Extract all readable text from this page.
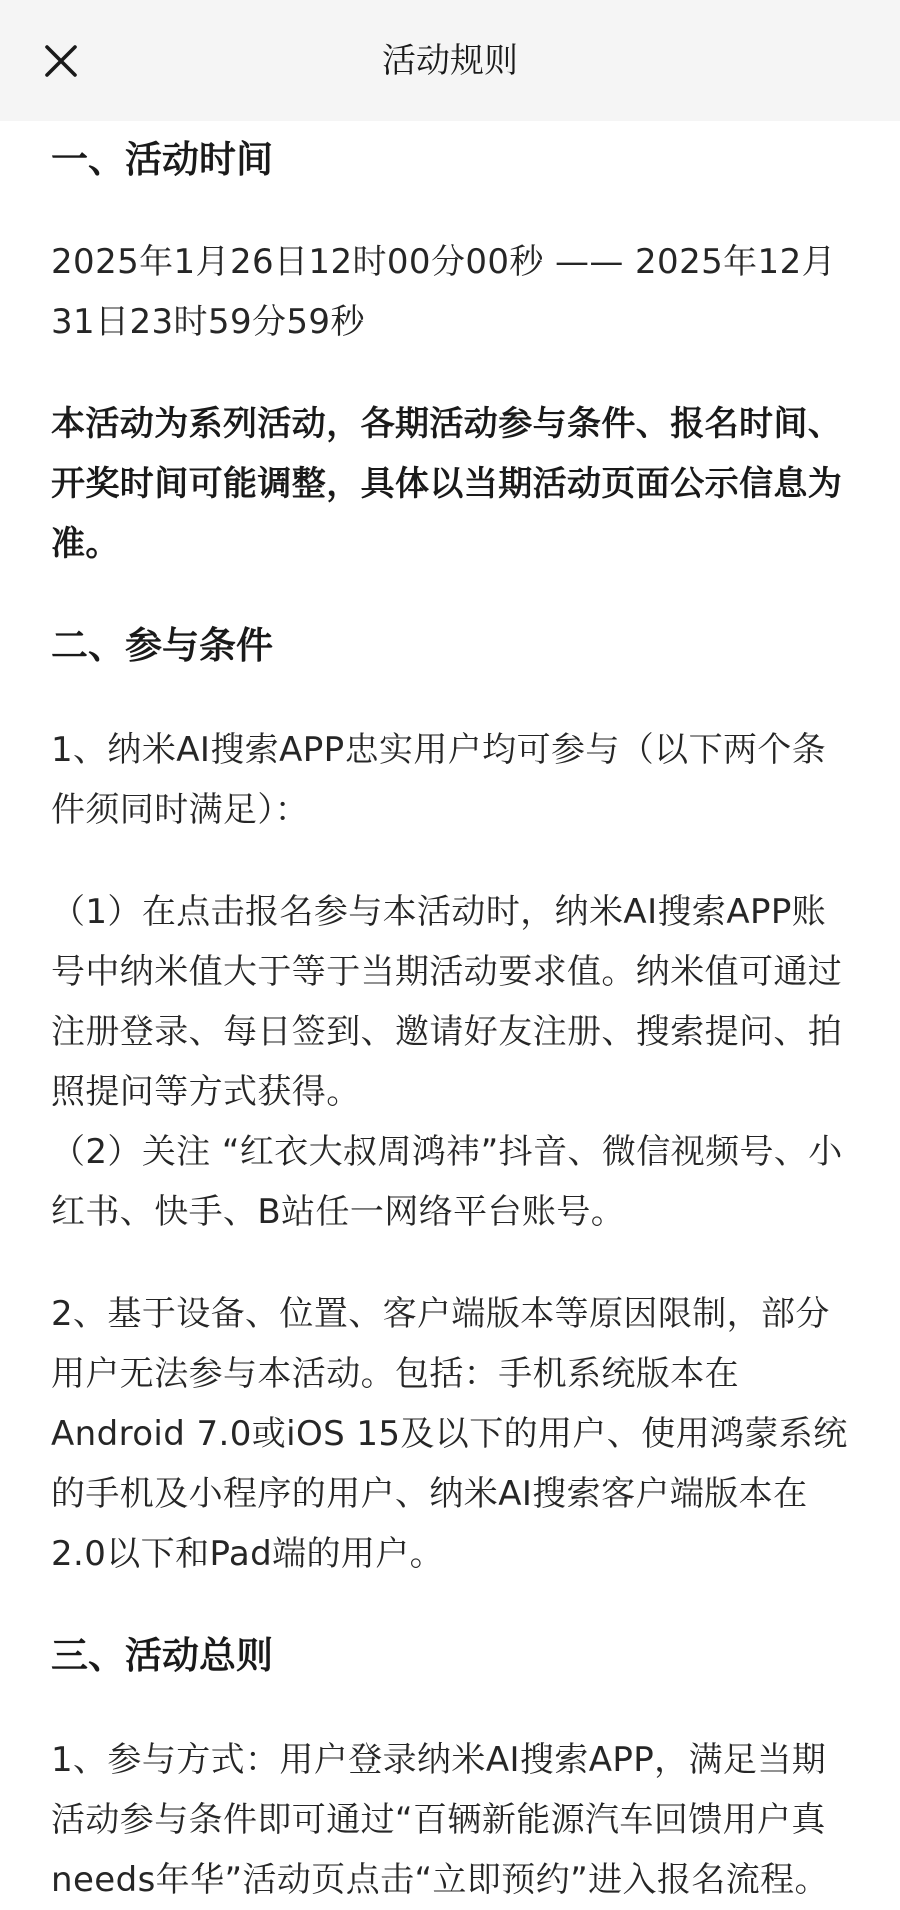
活动规则
一、活动时间

2025年1月26日12时00分00秒 —— 2025年12月31日23时59分59秒

本活动为系列活动，各期活动参与条件、报名时间、开奖时间可能调整，具体以当期活动页面公示信息为准。

二、参与条件

1、纳米AI搜索APP忠实用户均可参与（以下两个条件须同时满足）：

（1）在点击报名参与本活动时，纳米AI搜索APP账号中纳米值大于等于当期活动要求值。纳米值可通过注册登录、每日签到、邀请好友注册、搜索提问、拍照提问等方式获得。

（2）关注 “红衣大叔周鸿祎”抖音、微信视频号、小红书、快手、B站任一网络平台账号。

2、基于设备、位置、客户端版本等原因限制，部分用户无法参与本活动。包括：手机系统版本在Android 7.0或iOS 15及以下的用户、使用鸿蒙系统的手机及小程序的用户、纳米AI搜索客户端版本在2.0以下和Pad端的用户。

三、活动总则

1、参与方式：用户登录纳米AI搜索APP，满足当期活动参与条件即可通过“百辆新能源汽车回馈用户真needs年华”活动页点击“立即预约”进入报名流程。
